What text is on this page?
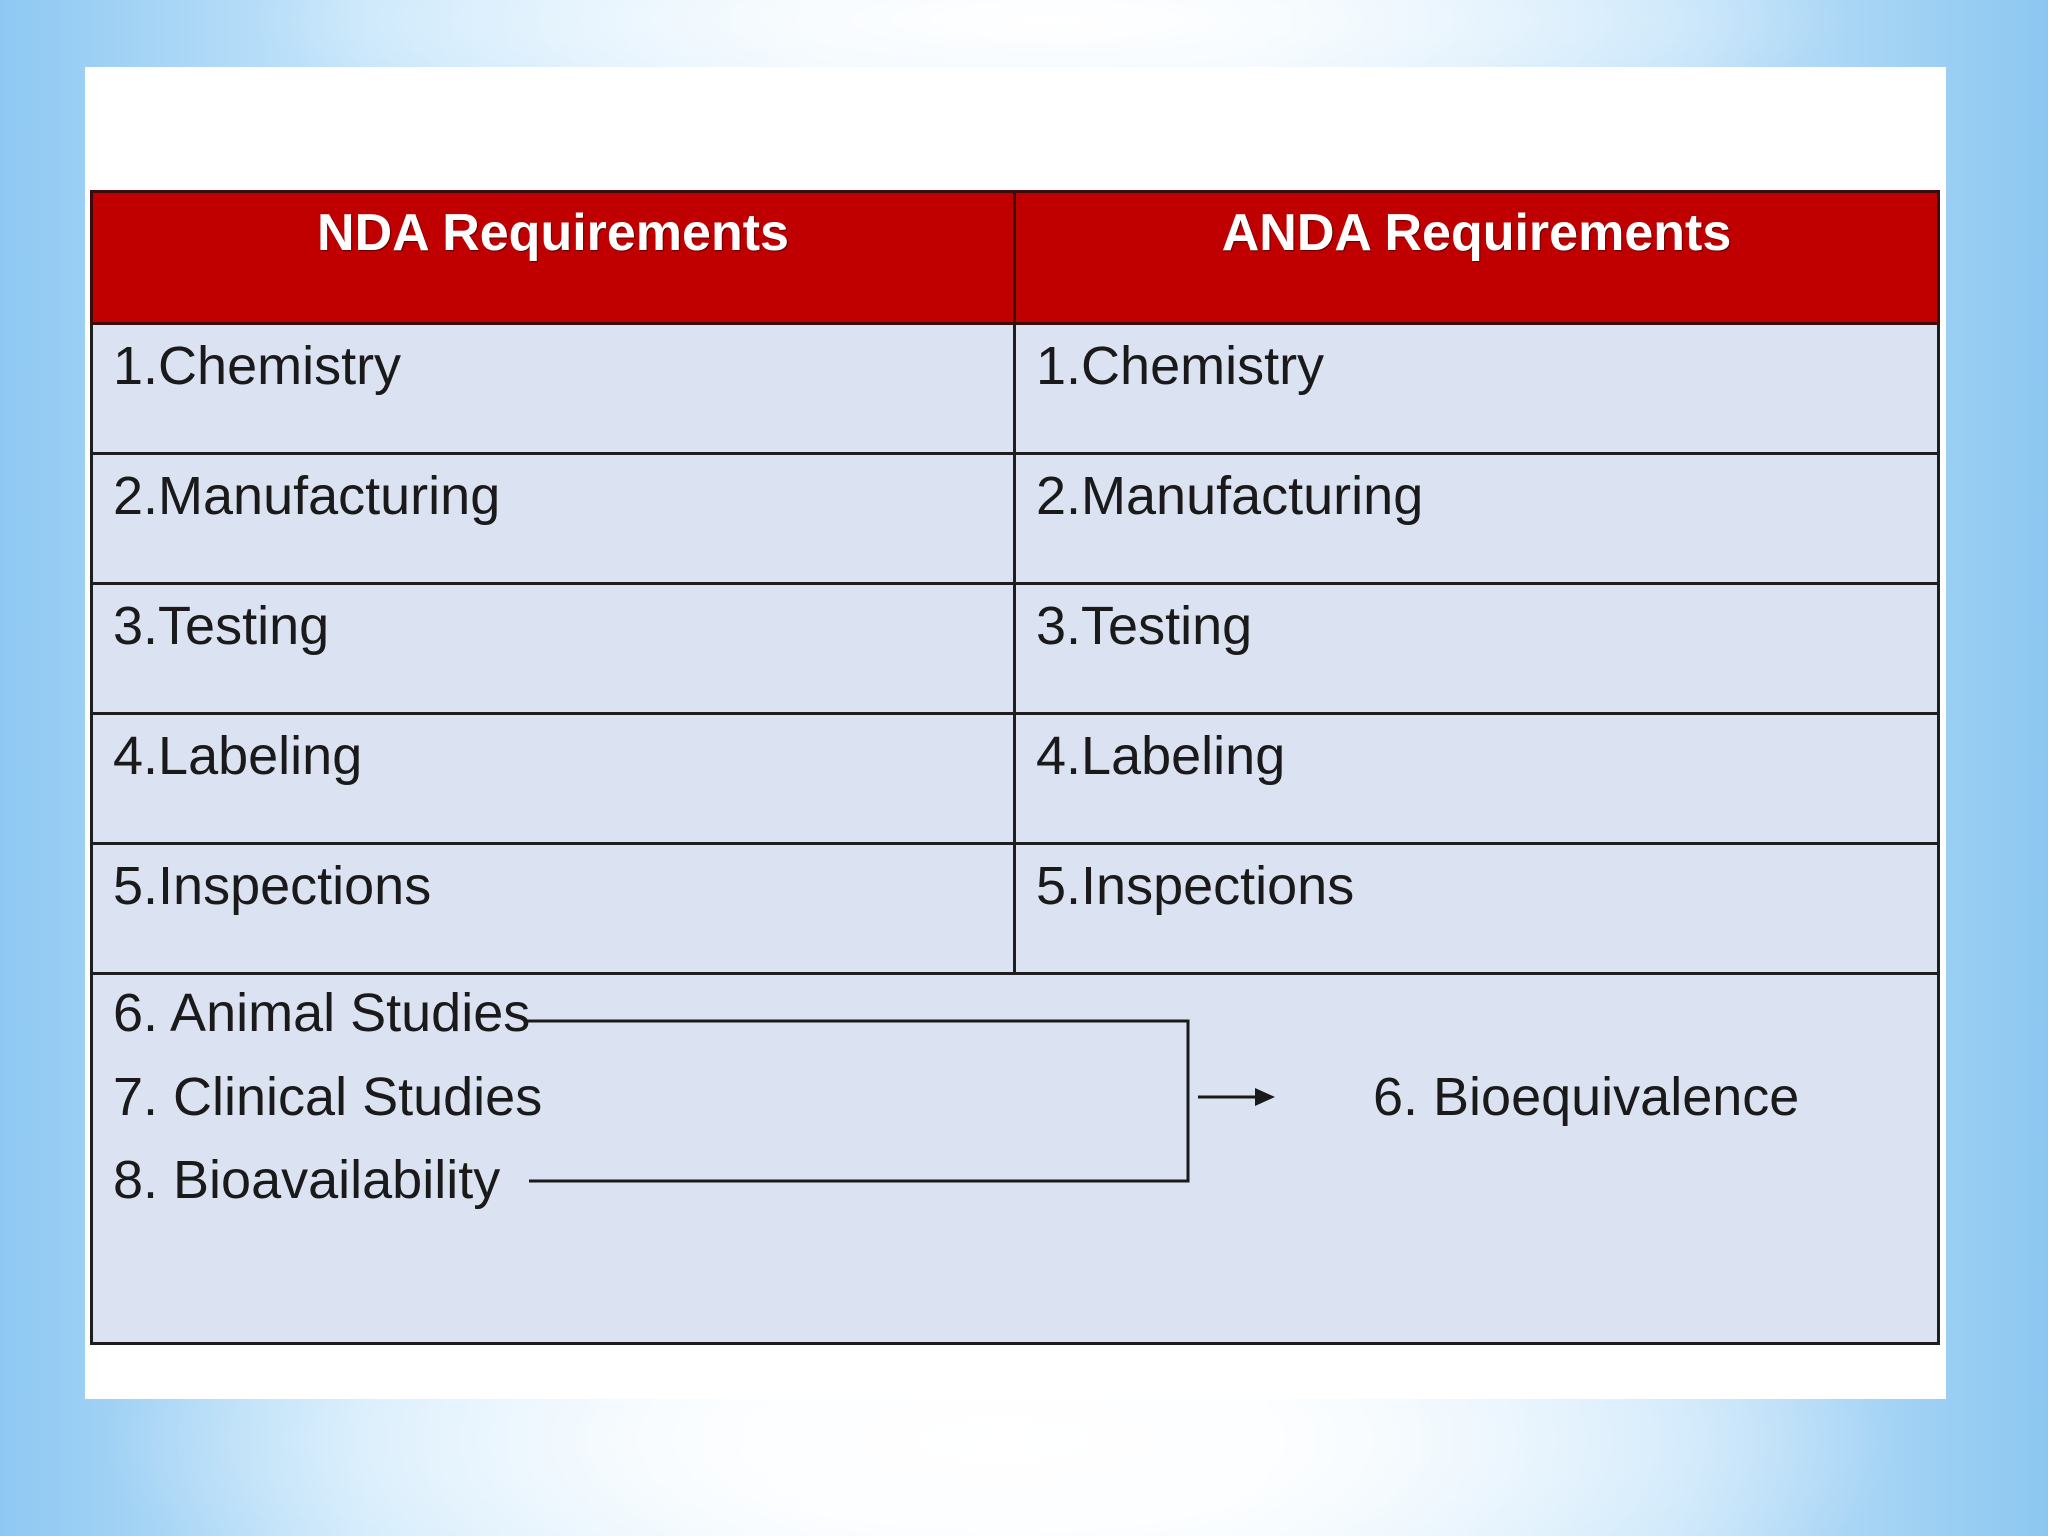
NDA Requirements	ANDA Requirements
1.Chemistry	1.Chemistry
2.Manufacturing	2.Manufacturing
3.Testing	3.Testing
4.Labeling	4.Labeling
5.Inspections	5.Inspections

6. Animal Studies
7. Clinical Studies
8. Bioavailability
6. Bioequivalence	
